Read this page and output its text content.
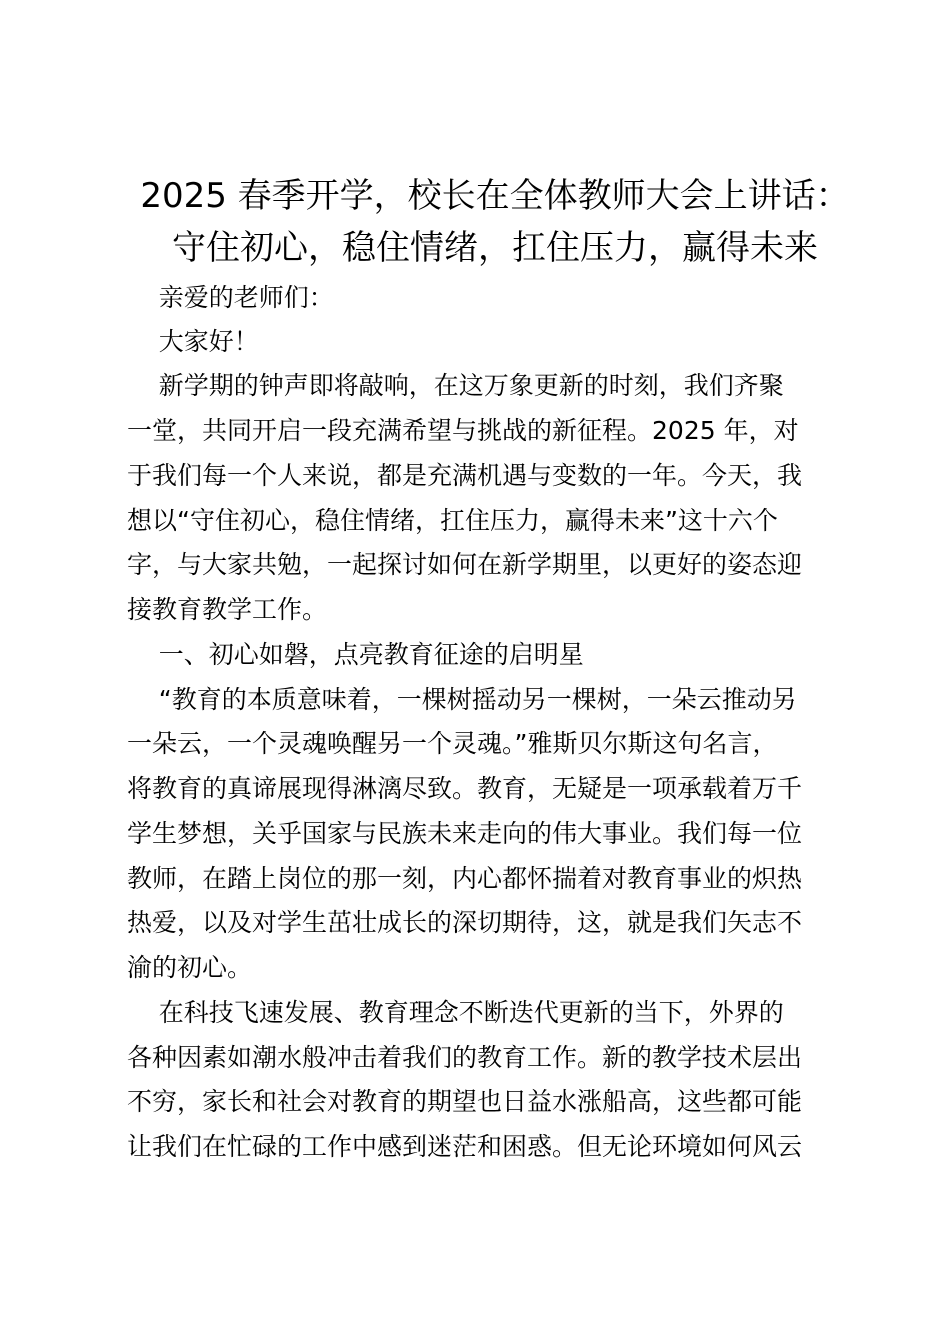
2025 春季开学，校长在全体教师大会上讲话：
守住初心，稳住情绪，扛住压力，赢得未来

亲爱的老师们：

大家好！

新学期的钟声即将敲响，在这万象更新的时刻，我们齐聚

一堂，共同开启一段充满希望与挑战的新征程。2025 年，对

于我们每一个人来说，都是充满机遇与变数的一年。今天，我

想以“守住初心，稳住情绪，扛住压力，赢得未来”这十六个

字，与大家共勉，一起探讨如何在新学期里，以更好的姿态迎

接教育教学工作。

一、初心如磐，点亮教育征途的启明星

“教育的本质意味着，一棵树摇动另一棵树，一朵云推动另

一朵云，一个灵魂唤醒另一个灵魂。”雅斯贝尔斯这句名言，

将教育的真谛展现得淋漓尽致。教育，无疑是一项承载着万千

学生梦想，关乎国家与民族未来走向的伟大事业。我们每一位

教师，在踏上岗位的那一刻，内心都怀揣着对教育事业的炽热

热爱，以及对学生茁壮成长的深切期待，这，就是我们矢志不

渝的初心。

在科技飞速发展、教育理念不断迭代更新的当下，外界的

各种因素如潮水般冲击着我们的教育工作。新的教学技术层出

不穷，家长和社会对教育的期望也日益水涨船高，这些都可能

让我们在忙碌的工作中感到迷茫和困惑。但无论环境如何风云
